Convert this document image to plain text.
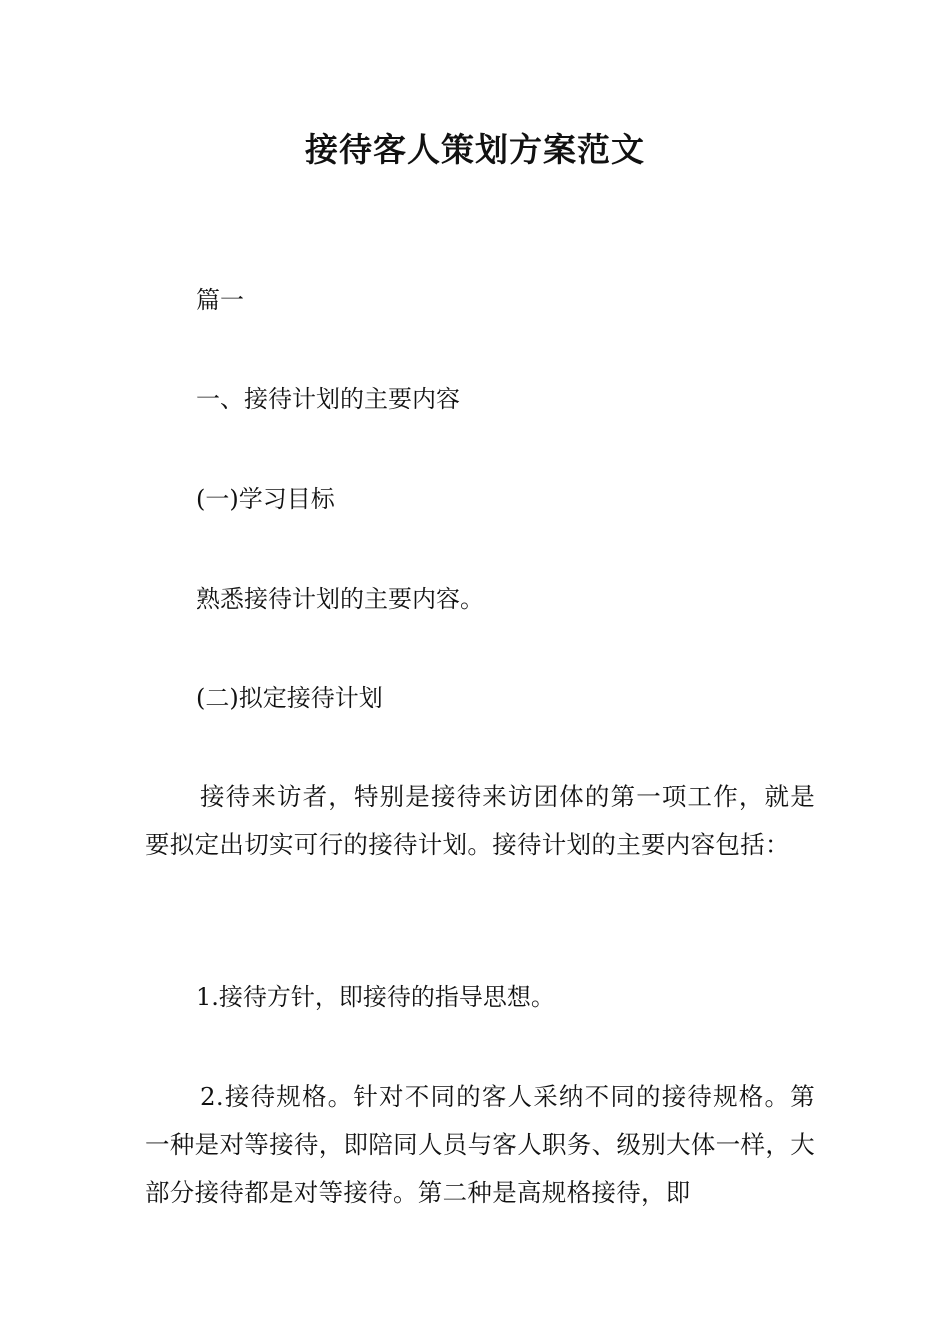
接待客人策划方案范文
篇一
一、接待计划的主要内容
(一)学习目标
熟悉接待计划的主要内容。
(二)拟定接待计划
接待来访者，特别是接待来访团体的第一项工作，就是要拟定出切实可行的接待计划。接待计划的主要内容包括：
1.接待方针，即接待的指导思想。
2.接待规格。针对不同的客人采纳不同的接待规格。第一种是对等接待，即陪同人员与客人职务、级别大体一样，大部分接待都是对等接待。第二种是高规格接待，即
